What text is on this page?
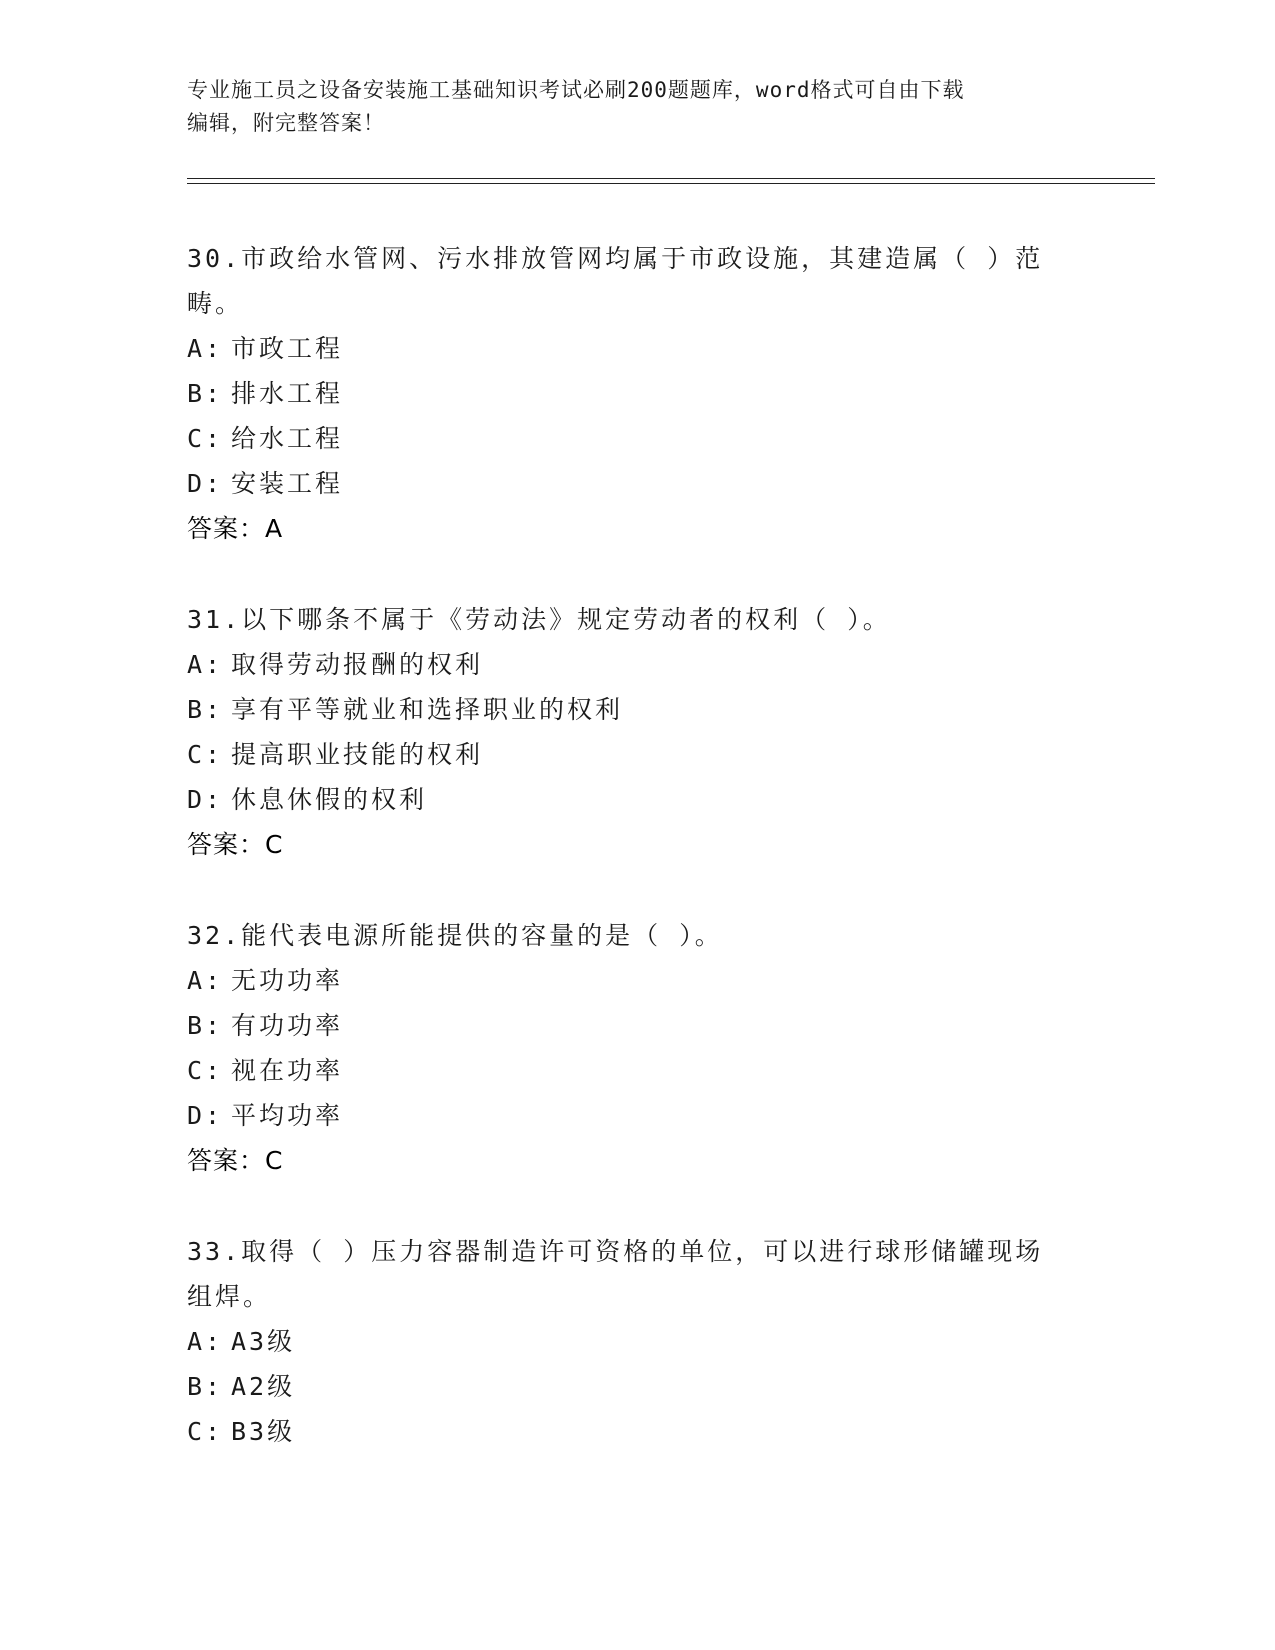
专业施工员之设备安装施工基础知识考试必刷200题题库，word格式可自由下载
编辑，附完整答案！

30.市政给水管网、污水排放管网均属于市政设施，其建造属（ ）范
畴。

A: 市政工程
B: 排水工程
C: 给水工程
D: 安装工程

答案：A

31.以下哪条不属于《劳动法》规定劳动者的权利（ ）。

A: 取得劳动报酬的权利
B: 享有平等就业和选择职业的权利
C: 提高职业技能的权利
D: 休息休假的权利

答案：C

32.能代表电源所能提供的容量的是（ ）。

A: 无功功率
B: 有功功率
C: 视在功率
D: 平均功率

答案：C

33.取得（ ）压力容器制造许可资格的单位，可以进行球形储罐现场
组焊。

A: A3级
B: A2级
C: B3级
